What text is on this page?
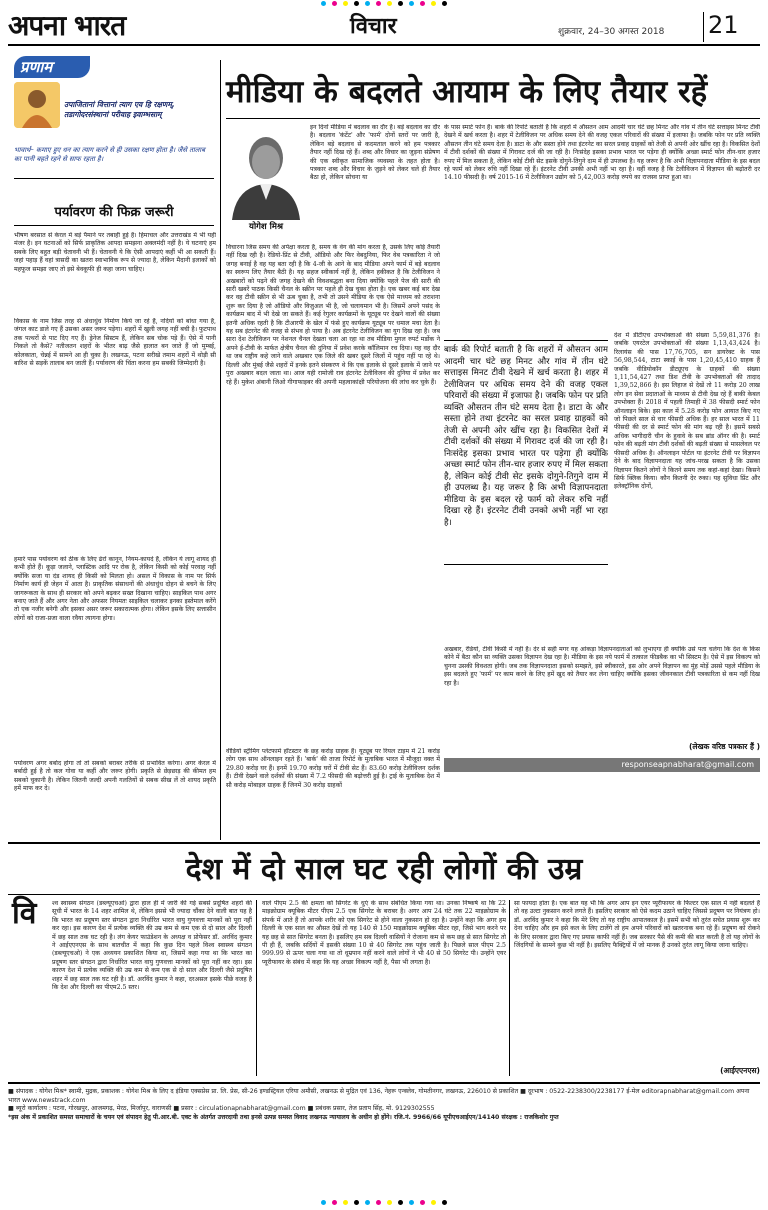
अपना भारत	विचार	शुक्रवार, 24–30 अगस्त 2018 21
प्रणाम
उपाजितानां वित्तानां त्याग एव हि रक्षणम्, तडागोदरसंस्थानां परीवाह इवाम्भसाम्
भावार्थ– कमाए हुए धन का त्याग करने से ही उसका रक्षण होता है। जैसे तालाब का पानी बहते रहने से साफ रहता है।
पर्यावरण की फिक्र जरूरी
भीषण बरसात से केरल में बड़े पैमाने पर तबाही हुई है। हिमाचल और उत्तराखंड में भी यही मंजर है। इन घटनाओं को सिर्फ प्राकृतिक आपदा समझना अक्लमंदी नहीं है। ये घटनाएं हम सबके लिए बहुत बड़ी चेतावनी भी हैं। चेतावनी ये कि ऐसी आपदाएं कहीं भी आ सकती हैं। जहां पहाड़ हैं वहां त्रासदी का खतरा स्वाभाविक रूप से ज्यादा है, लेकिन मैदानी इलाकों को महफूज समझा जाए तो इसे बेवकूफी ही कहा जाना चाहिए।
विकास के नाम जिस तरह से अंधाधुंध निर्माण किये जा रहे हैं, नदियों को बांधा गया है, जंगल काट डाले गए हैं उसका असर जरूर पड़ेगा। शहरों में खुली जगह नहीं बची है। फुटपाथ तक पत्थरों से पाट दिए गए हैं। ड्रेनेज सिस्टम हैं, लेकिन सब चोक पड़े हैं। ऐसे में पानी निकले तो कैसे? नतीजतन शहरों के भीतर बाढ़ जैसे हालात बन जाते हैं जो मुम्बई, कोलकाता, चेन्नई में सामने आ ही चुका है। लखनऊ, पटना सरीखे तमाम शहरों में थोड़ी सी बारिश से सड़कें तालाब बन जाती हैं। पर्यावरण की चिंता करना हम सबकी जिम्मेदारी है।
हमारे पास पर्यावरण को ठीक के लिए ढेरों कानून, नियम-कायदे हैं, लेकिन ये लागू शायद ही कभी होते हैं। कूड़ा जलाने, प्लास्टिक आदि पर रोक है, लेकिन किसी को कोई परवाह नहीं क्योंकि सजा या दंड शायद ही किसी को मिलता हो। असल में विकास के नाम पर सिर्फ निर्माण कार्य ही जेहन में आता है। प्राकृतिक संसाधनों की अंधाधुंध दोहन से बचने के लिए जागरूकता के साथ ही सरकार को अपने बढ़कर सख्त दिखाना चाहिए। साइकिल पाथ अगर बनाए जाते हैं और अगर नेता और अफसर नियमतः साइकिल चलाकर इनका इस्तेमाल करेंगे तो एक नजीर बनेगी और इसका असर जरूर सकारात्मक होगा। लेकिन इसके लिए सत्तासीन लोगों को राजा-प्रजा वाला रवैया त्यागना होगा।
पर्यावरण अगर बर्बाद होगा तो तो सबको बराबर तरीके से प्रभावित करेगा। अगर केरल में बर्बादी हुई है तो कल गोवा या कहीं और जरूर होगी। प्रकृति से छेड़छाड़ की कीमत हम सबको चुकानी है। लेकिन जितनी जल्दी अपनी गलतियों से सबक सीख लें तो शायद प्रकृति हमें माफ कर दे।
मीडिया के बदलते आयाम के लिए तैयार रहें
योगेश मिश्र
इन दिनों मीडिया में बदलाव का दौर है। बड़े बदलाव का दौर है। बदलाव 'कंटेंट' और 'फार्म' दोनों स्तरों पर जारी है, लेकिन बड़े बदलाव से कदमताल करने को हम पत्रकार तैयार नहीं दिख रहे हैं। शब्द और विचार का जुड़ना संप्रेषण की एक स्वीकृत सामाजिक व्यवस्था के तहत होता है। पत्रकार शब्द और विचार के जुड़ने को लेकर चले ही तैयार बैठा हो, लेकिन सोचना या
विचारना जिस समय की अपेक्षा करता है, समय के वेग की मांग करता है, उसके लिए कोई तैयारी नहीं दिख रही है। रेडियो-प्रिंट से टीवी, ऑडियो और फिर वेबदुनिया, फिर वेब पत्रकारिता ने जो जगह बनाई है वह यह बता रही है कि 4-जी के आने के बाद मीडिया अपने फार्म में बड़े बदलाव का स्वरूप लिए तैयार बैठी है। यह सहज स्वीकार्य नहीं है, लेकिन हकीकत है कि टेलीविजन ने अखबारों को पढ़ने की जगह देखने की विवशबद्धता बना दिया क्योंकि पहले पेज की सारी की सारी खबरें पाठक किसी चैनल के स्क्रीन पर पहले ही देख चुका होता है। एक खबर कई बार देख कर वह टीवी स्क्रीन से भी ऊब चुका है, तभी तो उसने मीडिया के एक ऐसे माध्यम को तराशना शुरू कर दिया है जो ऑडियो और विजुअल भी है, जो चलायमान भी है। जिसमें अपने पसंद के कार्यक्रम बाद में भी देखे जा सकते हैं। कई रेगुलर कार्यक्रमों के यूट्यूब पर देखने वालों की संख्या इतनी अधिक रहती है कि टीआरपी के खेल में फंसे हुए कार्यक्रम यूट्यूब पर धमाल मचा देता है। यह सब इंटरनेट की वजह से संभव हो पाया है। अब इंटरनेट टेलीविजन का युग दिख रहा है। जब सारा देश टेलीविजन पर नेशनल चैनल देखता चला आ रहा था तब मीडिया मुगल रुपर्ट मर्डोक ने अपने ई-टीवी के मार्फत क्षेत्रीय चैनल की दुनिया में प्रवेश करके कॉलिमान रच दिया। यह वह दौर था जब राष्ट्रीय कहे जाने वाले अखबार एक जिले की खबर दूसरे जिलों में पहुंच नहीं पा रहे थे। दिल्ली और मुंबई जैसे शहरों में इनके इतने संस्करण थे कि एक इलाके से दूसरे इलाके में जाने पर पुरा अखबार बदल जाता था। आज यही रामोजी राव इंटरनेट टेलीविजन की दुनिया में प्रवेश कर रहे हैं। मुकेश अंबानी जिओ गीगाफाइबर की अपनी महत्वाकांक्षी परियोजना की लांच कर चुके हैं।
बार्क की रिपोर्ट बताती है कि शहरों में औसतन आम आदमी चार घंटे छह मिनट और गांव में तीन घंटे सत्ताइस मिनट टीवी देखने में खर्च करता है। शहर में टेलीविजन पर अधिक समय देने की वजह एकल परिवारों की संख्या में इजाफा है। जबकि फोन पर प्रति व्यक्ति औसतन तीन घंटे समय देता है। डाटा के और सस्ता होने तथा इंटरनेट का सरल प्रवाह ग्राहकों को तेजी से अपनी ओर खींच रहा है। विकसित देशों में टीवी दर्शकों की संख्या में गिरावट दर्ज की जा रही है। निःसंदेह इसका प्रभाव भारत पर पड़ेगा ही क्योंकि अच्छा स्मार्ट फोन तीन-चार हजार रुपए में मिल सकता है, लेकिन कोई टीवी सेट इसके दोगुने-तिगुने दाम में ही उपलब्ध है। यह जरूर है कि अभी विज्ञापनदाता मीडिया के इस बदल रहे फार्म को लेकर रुचि नहीं दिखा रहे हैं। इंटरनेट टीवी उनको अभी नहीं भा रहा है।
के पास स्मार्ट फोन है। बार्क की रिपोर्ट बताती है कि शहरों में औसतन आम आदमी चार घंटे छह मिनट और गांव में तीन घंटे सत्ताइस मिनट टीवी देखने में खर्च करता है। शहर में टेलीविजन पर अधिक समय देने की वजह एकल परिवारों की संख्या में इजाफा है। जबकि फोन पर प्रति व्यक्ति औसतन तीन घंटे समय देता है। डाटा के और सस्ता होने तथा इंटरनेट का सरल प्रवाह ग्राहकों को तेजी से अपनी ओर खींच रहा है। विकसित देशों में टीवी दर्शकों की संख्या में गिरावट दर्ज की जा रही है। निःसंदेह इसका प्रभाव भारत पर पड़ेगा ही क्योंकि अच्छा स्मार्ट फोन तीन-चार हजार रुपए में मिल सकता है, लेकिन कोई टीवी सेट इसके दोगुने-तिगुने दाम में ही उपलब्ध है। यह जरूर है कि अभी विज्ञापनदाता मीडिया के इस बदल रहे फार्म को लेकर रुचि नहीं दिखा रहे हैं। इंटरनेट टीवी उनकी अभी नहीं भा रहा है। वहीं वजह है कि टेलीविजन में विज्ञापन की बढ़ोतरी दर 14.10 फीसदी है। वर्ष 2015-16 में टेलीविजन उद्योग को 5,42,003 करोड़ रुपये का राजस्व प्राप्त हुआ था।
देश में डीटीएच उपभोक्ताओं की संख्या 5,59,81,376 है। जबकि एयरटेल उपभोक्ताओं की संख्या 1,13,43,424 है। रिलायंस की पास 17,76,705, सन डायरेक्ट के पास 56,98,544, टाटा स्काई के पास 1,20,45,410 ग्राहक हैं जबकि वीडियोकॉन डीट्यूएच के ग्राहकों की संख्या 1,11,54,427 तथा डिश टीवी के उपभोक्ताओं की तादाद 1,39,52,866 है। इस लिहाज से देखें तो 11 करोड़ 20 लाख लोग इन सेवा प्रदाताओं के माध्यम से टीवी देख रहे हैं बाकी केबल उपभोक्ता हैं। 2018 में पहली तिमाही में 38 फीसदी स्मार्ट फोन ऑनलाइन बिके। इस काल में 5.28 करोड़ फोन आयात किए गए जो पिछले साल से चार फीसदी अधिक हैं। हर साल भारत में 11 फीसदी की दर से स्मार्ट फोन की मांग बढ़ रही है। इसमें सबसे अधिक भागीदारी चीन के हुवावे के सब ब्रांड ऑनर की है। स्मार्ट फोन की बढ़ती मांग टीवी दर्शकों की बढ़ती संख्या से मासलेवल पर फीसदी अधिक है। ऑनलाइन पोर्टल या इंटरनेट टीवी पर विज्ञापन देने के बाद विज्ञापनदाता यह जांच-परख सकता है कि उसका विज्ञापन कितने लोगों ने कितने समय तक कहां-कहां देखा। किसने सिर्फ क्लिक किया। कौन कितनी देर रुका। यह सुविधा प्रिंट और इलेक्ट्रॉनिक दोनों,
अखबार, रेडियो, टीवी किसी में नहीं है। देर से सही मगर यह आंकड़ा विज्ञापनदाताओं को लुभाएगा ही क्योंकि उसे पता चलेगा कि देश के किस कोने में बैठा कौन सा व्यक्ति उसका विज्ञापन देख रहा है। मीडिया के इस नये फार्म में तत्काल फीडबैक का भी सिस्टम है। ऐसे में इस विकल्प को चुनना उसकी विवशता होगी। जब तक विज्ञापनदाता इसको समझते, इसे स्वीकारते, इस ओर अपने विज्ञापन का मुंह मोड़ें उससे पहले मीडिया के इस बदलते हुए 'फार्म' पर काम करने के लिए हमें खुद को तैयार कर लेना चाहिए क्योंकि इसका जीवनकाल टीवी पत्रकारिता से कम नहीं दिख रहा है।
वीडियो स्ट्रीमिंग प्लेटफार्म हॉटस्टार के छह करोड़ ग्राहक हैं। यूट्यूब पर रियल टाइम में 21 करोड़ लोग एक साथ ऑनलाइन रहते हैं। 'बार्क' की ताजा रिपोर्ट के मुताबिक भारत में मौजूदा वक्त में 29.80 करोड़ घर हैं। इनमें 19.70 करोड़ घरों में टीवी सेट हैं। 83.60 करोड़ टेलीविजन दर्शक हैं। टीवी देखने वाले दर्शकों की संख्या में 7.2 फीसदी की बढ़ोत्तरी हुई है। ट्राई के मुताबिक देश में सौ करोड़ मोबाइल ग्राहक हैं जिनमें 30 करोड़ ग्राहकों
(लेखक वरिष्ठ पत्रकार हैं )
responseapnabharat@gmail.com
देश में दो साल घट रही लोगों की उम्र
वि	श्व स्वास्थ्य संगठन (डब्ल्यूएचओ) द्वारा हाल ही में जारी की गई सबसे प्रदूषित शहरों की सूची में भारत के 14 शहर शामिल थे, लेकिन इससे भी ज्यादा चौंका देने वाली बात यह है कि भारत का प्रदूषण स्तर संगठन द्वारा निर्धारित भारत वायु गुणवत्ता मानकों को पूरा नहीं कर रहा। इस कारण देश में प्रत्येक व्यक्ति की उम्र कम से कम एक से दो साल और दिल्ली में छह साल तक घट रही है। लंग केयर फाउंडेशन के अध्यक्ष व प्रोफेसर डॉ. अरविंद कुमार ने आईएएनएस के साथ बातचीत में कहा कि कुछ दिन पहले विश्व स्वास्थ्य संगठन (डब्ल्यूएचओ) ने एक अध्ययन प्रकाशित किया था, जिसमें कहा गया था कि भारत का प्रदूषण स्तर संगठन द्वारा निर्धारित भारत वायु गुणवत्ता मानकों को पूरा नहीं कर रहा। इस कारण देश में प्रत्येक व्यक्ति की उम्र कम से कम एक से दो साल और दिल्ली जैसे प्रदूषित शहर में छह साल तक घट रही है। डॉ. अरविंद कुमार ने कहा, दरअसल इसके पीछे वजह है कि देश और दिल्ली का पीएम2.5 स्तर।
वाले पीएम 2.5 की क्षमता को सिगरेट के धुएं के साथ संबंधित किया गया था। उनका निष्कर्ष था कि 22 माइक्रोग्राम क्यूबिक मीटर पीएम 2.5 एक सिगरेट के बराबर है। अगर आप 24 घंटे तक 22 माइक्रोग्राम के संपर्क में आते हैं तो आपके शरीर को एक सिगरेट से होने वाला नुकसान हो रहा है। उन्होंने कहा कि अगर हम दिल्ली के एक साल का औसत देखें तो यह 140 से 150 माइक्रोग्राम क्यूबिक मीटर रहा, जिसे भाग करने पर यह छह से सात सिगरेट बनता है। इसलिए हम सब दिल्ली वासियों ने रोजाना कम से कम छह से सात सिगरेट तो पी ही हैं, जबकि सर्दियों में इसकी संख्या 10 से 40 सिगरेट तक पहुंच जाती है। पिछले साल पीएम 2.5 999.99 से ऊपर चला गया था तो धूम्रपान नहीं करने वाले लोगों ने भी 40 से 50 सिगरेट पी। उन्होंने एयर प्यूरीफायर के संबंध में कहा कि यह अच्छा विकल्प नहीं है, पैसा भी लगता है।
सा फायदा होता है। एक बात यह भी कि अगर आप इन एयर प्यूरीफायर के फिल्टर एक साल में नहीं बदलते हैं तो वह उल्टा नुकसान करने लगते हैं। इसलिए सरकार को ऐसे कदम उठाने चाहिए जिससे प्रदूषण पर नियंत्रण हो। डॉ. अरविंद कुमार ने कहा कि मेरे लिए तो यह राष्ट्रीय आपातकाल है। इसमें सभी को तुरंत सचेत प्रयास शुरू कर देना चाहिए और हम इसे कल के लिए टालेंगे तो हम अपने परिवारों को खतरनाक बना रहे हैं। प्रदूषण को रोकने के लिए सरकार द्वारा किए गए प्रयास काफी नहीं हैं। जब सरकार पैसे की कमी की बात करती है तो यह लोगों के जिंदगियों के सामने कुछ भी नहीं है। इसलिए फैक्ट्रियों में जो मानक हैं उनको तुरंत लागू किया जाना चाहिए।
(आईएएनएस)
■ संपादक : योगेश मिश्र* स्वामी, मुद्रक, प्रकाशक : योगेश मिश्र के लिए द इंडिया एक्सप्रेस प्रा. लि. प्रेस, सी-26 इण्डस्ट्रियल एरिया अमौसी, लखनऊ से मुद्रित एवं 136, नेहरू एन्क्लेव, गोमतीनगर, लखनऊ, 226010 से प्रकाशित ■ दूरभाष : 0522-2238300/2238177 ई-मेल editorapnabharat@gmail.com अपना भारत www.newstrack.com
■ ब्यूरो कार्यालय : पटना, गोरखपुर, आजमगढ़, मेरठ, मिर्जापुर, वाराणसी ■ प्रसार : circulationapnabharat@gmail.com ■ प्रबंधक प्रसार, तेज प्रताप सिंह, मो. 9129302555
*इस अंक में प्रकाशित समस्त समाचारों के चयन एवं संपादन हेतु पी.आर.बी. एक्ट के अंतर्गत उत्तरदायी तथा इनसे उत्पन्न समस्त विवाद लखनऊ न्यायालय के अधीन हो होंगे। रजि.नं. 9966/66 यूपीएचआईएन/14140 संरक्षक : राजकिशोर गुप्त
